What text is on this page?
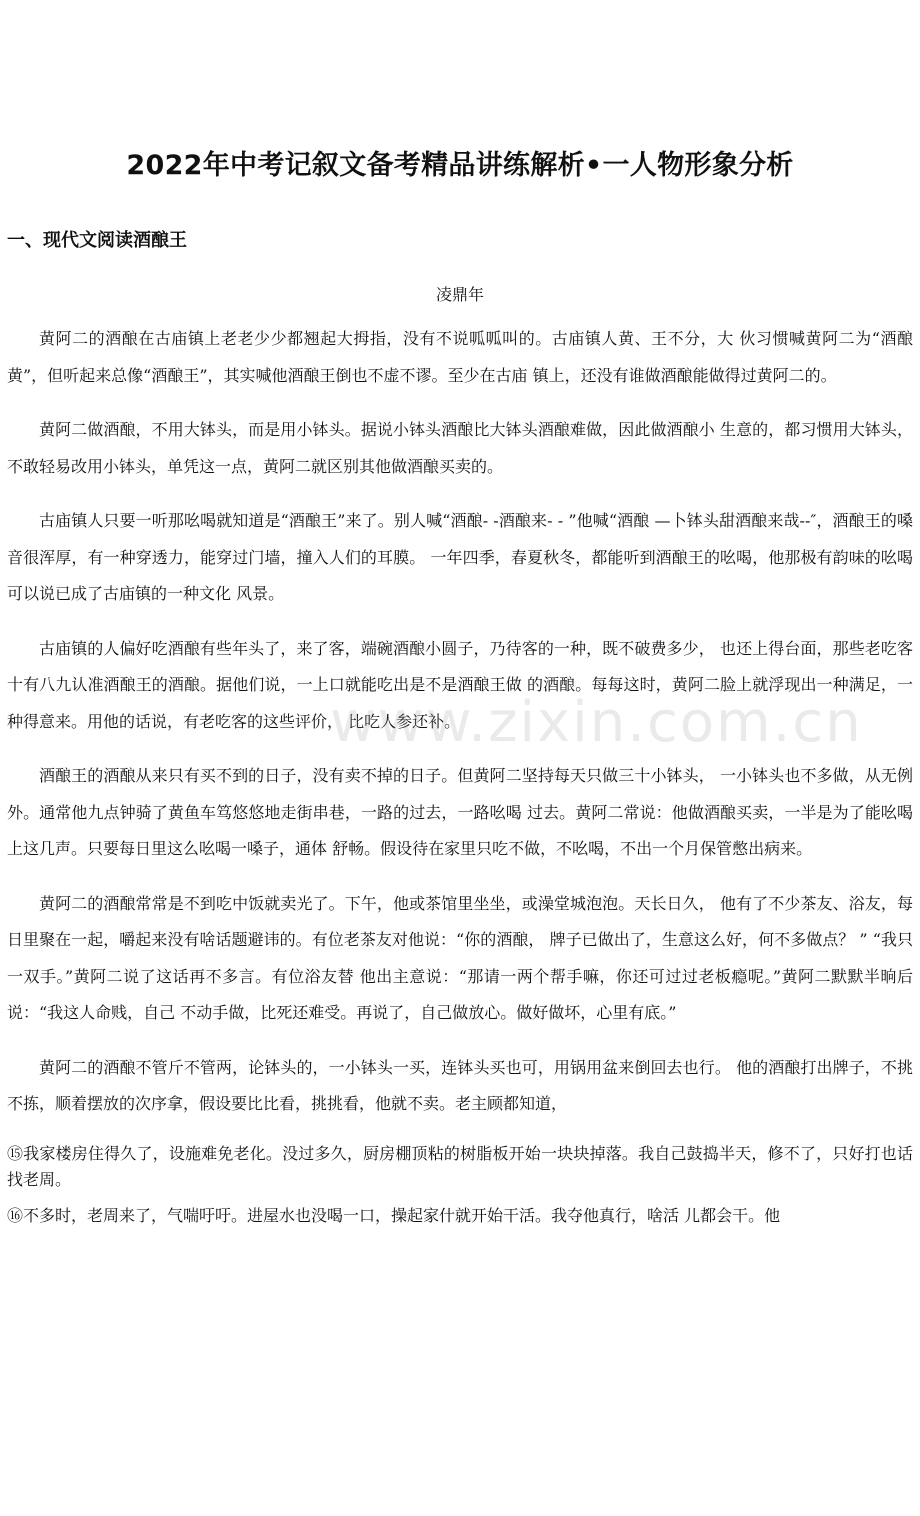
2022年中考记叙文备考精品讲练解析•一人物形象分析
一、现代文阅读酒酿王
凌鼎年

黄阿二的酒酿在古庙镇上老老少少都翘起大拇指，没有不说呱呱叫的。古庙镇人黄、王不分，大 伙习惯喊黄阿二为“酒酿黄”，但听起来总像“酒酿王”，其实喊他酒酿王倒也不虚不谬。至少在古庙 镇上，还没有谁做酒酿能做得过黄阿二的。

黄阿二做酒酿，不用大钵头，而是用小钵头。据说小钵头酒酿比大钵头酒酿难做，因此做酒酿小 生意的，都习惯用大钵头，不敢轻易改用小钵头，单凭这一点，黄阿二就区别其他做酒酿买卖的。

古庙镇人只要一听那吆喝就知道是“酒酿王”来了。别人喊“酒酿- -酒酿来- - ”他喊“酒酿 —卜钵头甜酒酿来哉--″，酒酿王的嗓音很浑厚，有一种穿透力，能穿过门墙，撞入人们的耳膜。 一年四季，春夏秋冬，都能听到酒酿王的吆喝，他那极有韵味的吆喝可以说已成了古庙镇的一种文化 风景。

古庙镇的人偏好吃酒酿有些年头了，来了客，端碗酒酿小圆子，乃待客的一种，既不破费多少， 也还上得台面，那些老吃客十有八九认准酒酿王的酒酿。据他们说，一上口就能吃出是不是酒酿王做 的酒酿。每每这时，黄阿二脸上就浮现出一种满足，一种得意来。用他的话说，有老吃客的这些评价， 比吃人参还补。

酒酿王的酒酿从来只有买不到的日子，没有卖不掉的日子。但黄阿二坚持每天只做三十小钵头， 一小钵头也不多做，从无例外。通常他九点钟骑了黄鱼车笃悠悠地走街串巷，一路的过去，一路吆喝 过去。黄阿二常说：他做酒酿买卖，一半是为了能吆喝上这几声。只要每日里这么吆喝一嗓子，通体 舒畅。假设待在家里只吃不做，不吆喝，不出一个月保管憋出病来。

黄阿二的酒酿常常是不到吃中饭就卖光了。下午，他或茶馆里坐坐，或澡堂城泡泡。天长日久， 他有了不少茶友、浴友，每日里聚在一起，嚼起来没有啥话题避讳的。有位老茶友对他说：“你的酒酿， 牌子已做出了，生意这么好，何不多做点？ ” “我只一双手。”黄阿二说了这话再不多言。有位浴友替 他出主意说：“那请一两个帮手嘛，你还可过过老板瘾呢。”黄阿二默默半晌后说：“我这人命贱，自己 不动手做，比死还难受。再说了，自己做放心。做好做坏，心里有底。”

黄阿二的酒酿不管斤不管两，论钵头的，一小钵头一买，连钵头买也可，用锅用盆来倒回去也行。 他的酒酿打出牌子，不挑不拣，顺着摆放的次序拿，假设要比比看，挑挑看，他就不卖。老主顾都知道，

⑮我家楼房住得久了，设施难免老化。没过多久，厨房棚顶粘的树脂板开始一块块掉落。我自己鼓捣半天，修不了，只好打也话找老周。

⑯不多时，老周来了，气喘吁吁。进屋水也没喝一口，操起家什就开始干活。我夺他真行，啥活 儿都会干。他

www.zixin.com.cn
